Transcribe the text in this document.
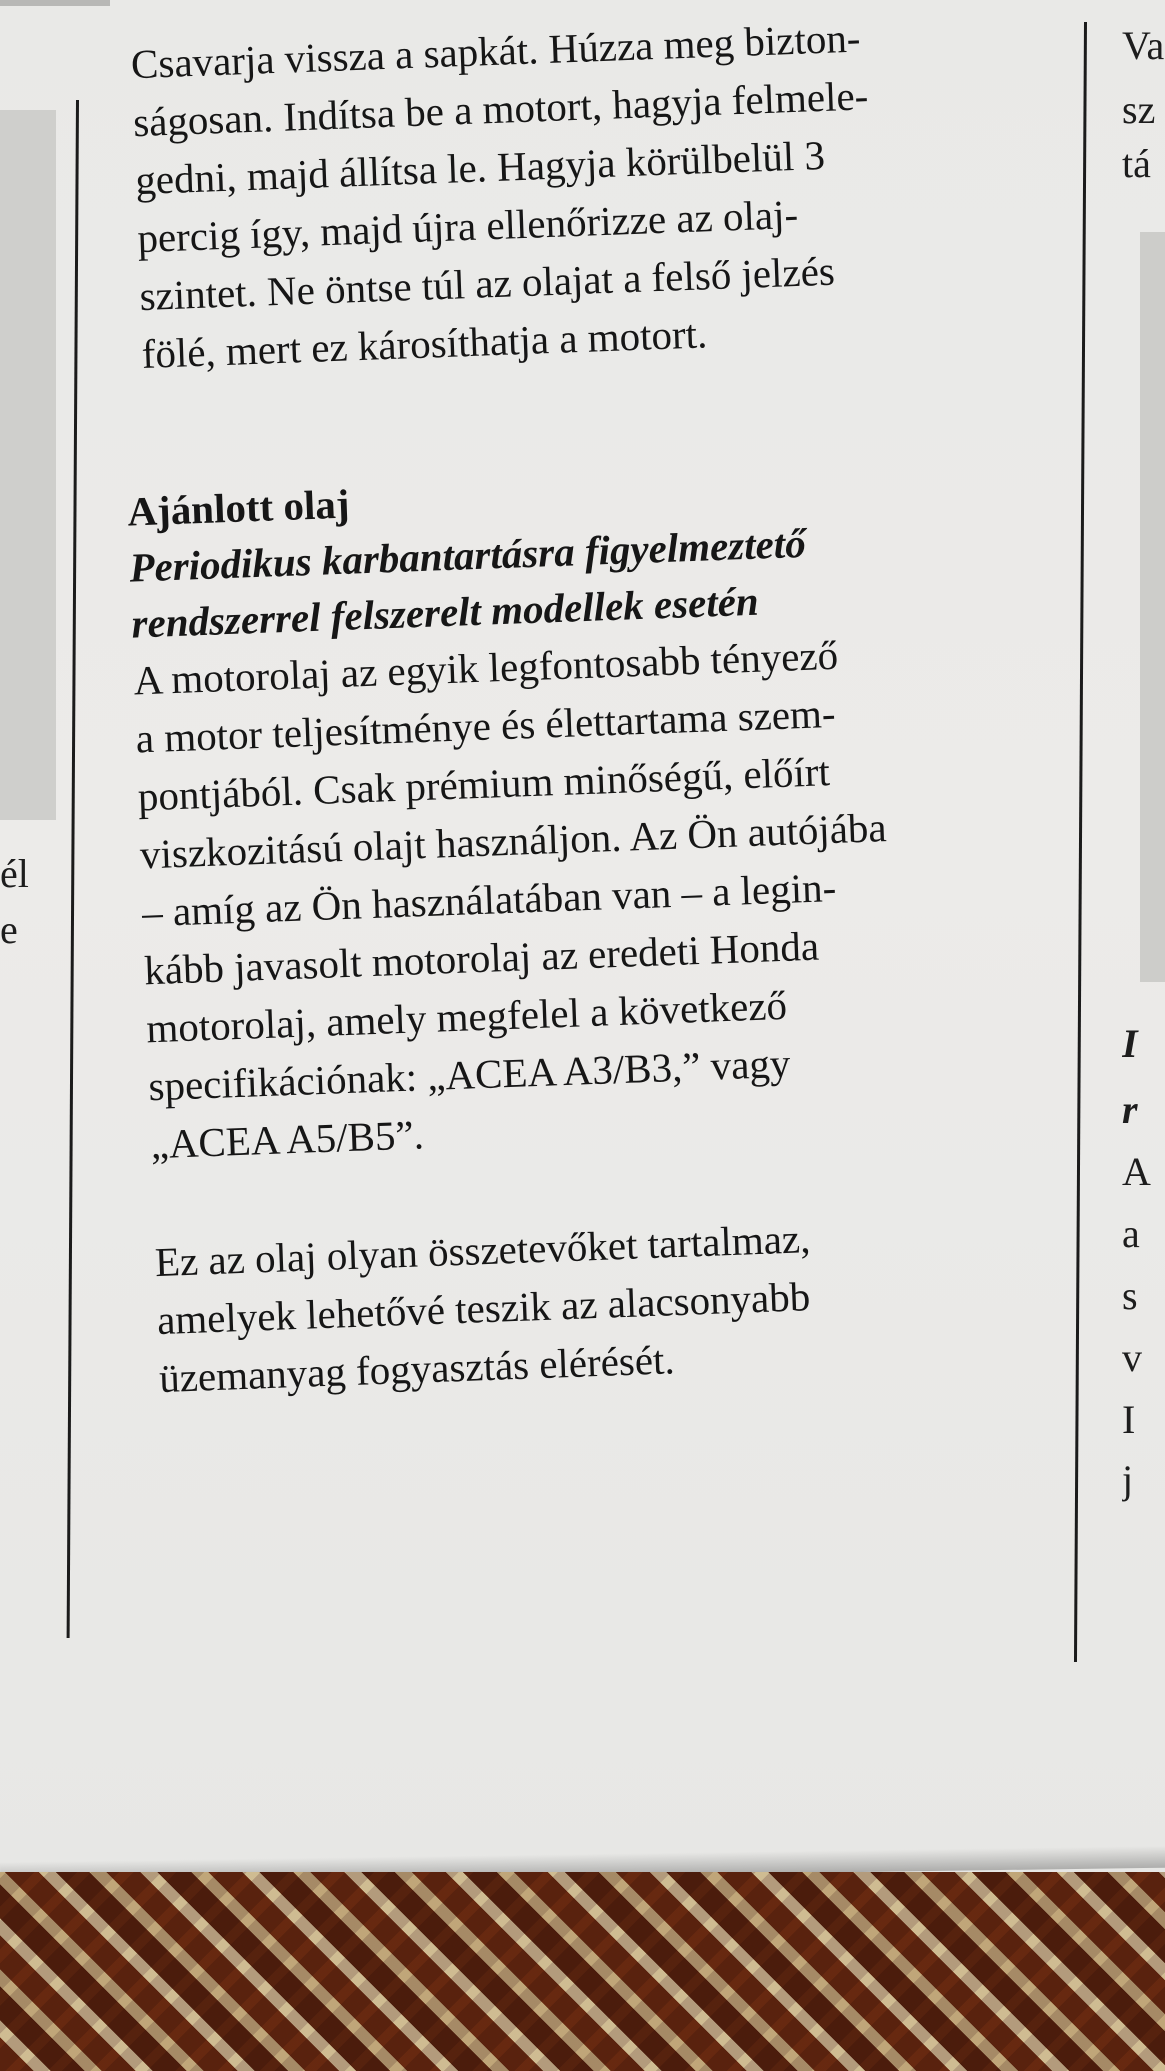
él
e
Va
sz
tá
I
r
A
a
s
v
I
j

Csavarja vissza a sapkát. Húzza meg bizton-

ságosan. Indítsa be a motort, hagyja felmele-

gedni, majd állítsa le. Hagyja körülbelül 3

percig így, majd újra ellenőrizze az olaj-

szintet. Ne öntse túl az olajat a felső jelzés

fölé, mert ez károsíthatja a motort.

Ajánlott olaj
Periodikus karbantartásra figyelmeztető
rendszerrel felszerelt modellek esetén

A motorolaj az egyik legfontosabb tényező

a motor teljesítménye és élettartama szem-

pontjából. Csak prémium minőségű, előírt

viszkozitású olajt használjon. Az Ön autójába

– amíg az Ön használatában van – a legin-

kább javasolt motorolaj az eredeti Honda

motorolaj, amely megfelel a következő

specifikációnak: „ACEA A3/B3,” vagy

„ACEA A5/B5”.

Ez az olaj olyan összetevőket tartalmaz,

amelyek lehetővé teszik az alacsonyabb

üzemanyag fogyasztás elérését.
